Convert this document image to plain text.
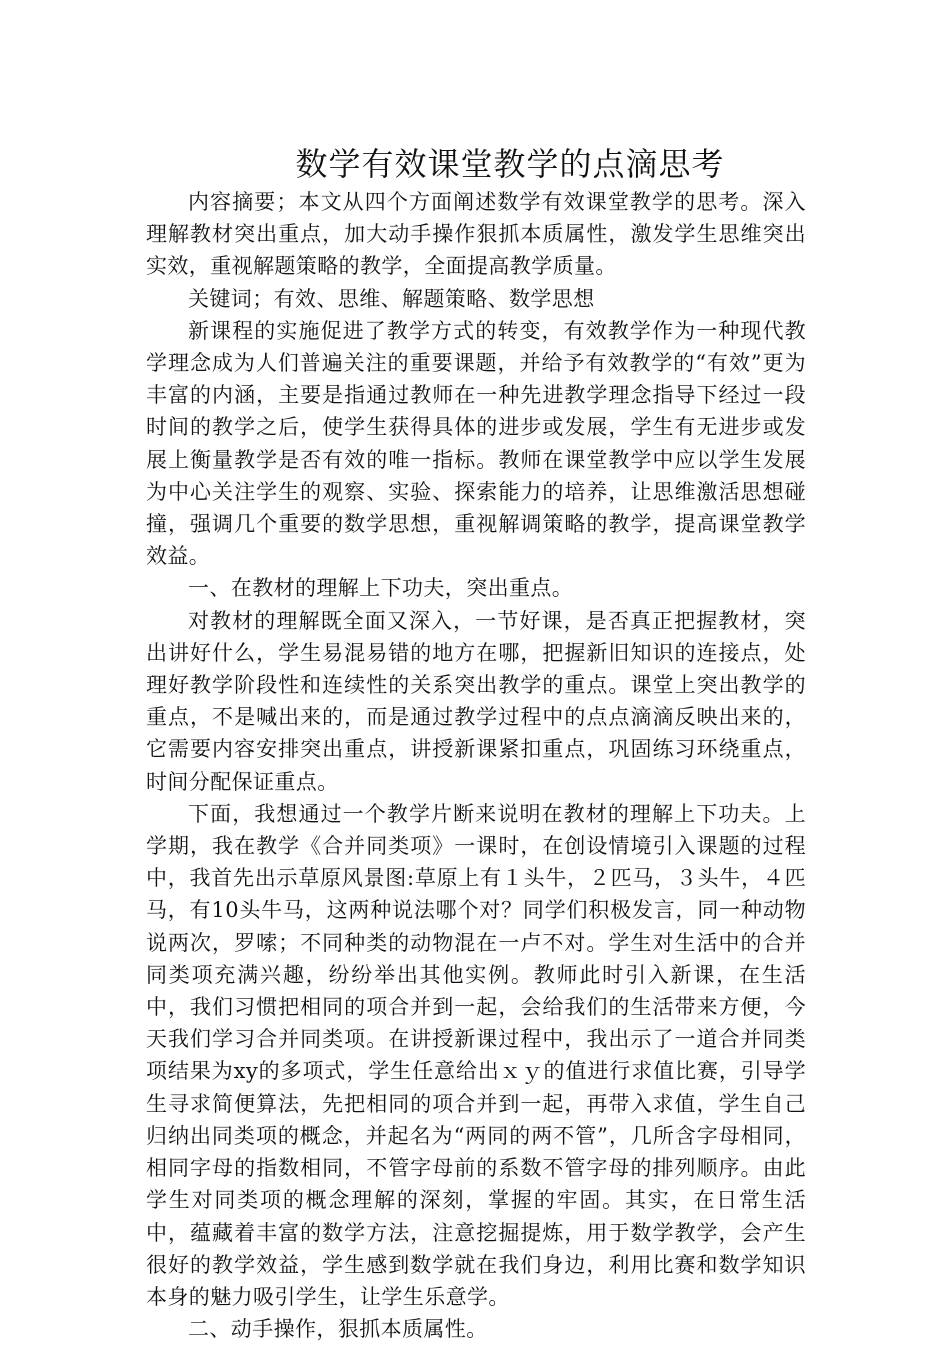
数学有效课堂教学的点滴思考

内容摘要；本文从四个方面阐述数学有效课堂教学的思考。深入理解教材突出重点，加大动手操作狠抓本质属性，激发学生思维突出实效，重视解题策略的教学，全面提高教学质量。

关键词；有效、思维、解题策略、数学思想

新课程的实施促进了教学方式的转变，有效教学作为一种现代教学理念成为人们普遍关注的重要课题，并给予有效教学的“有效”更为丰富的内涵，主要是指通过教师在一种先进教学理念指导下经过一段时间的教学之后，使学生获得具体的进步或发展，学生有无进步或发展上衡量教学是否有效的唯一指标。教师在课堂教学中应以学生发展为中心关注学生的观察、实验、探索能力的培养，让思维激活思想碰撞，强调几个重要的数学思想，重视解调策略的教学，提高课堂教学效益。

一、在教材的理解上下功夫，突出重点。

对教材的理解既全面又深入，一节好课，是否真正把握教材，突出讲好什么，学生易混易错的地方在哪，把握新旧知识的连接点，处理好教学阶段性和连续性的关系突出教学的重点。课堂上突出教学的重点，不是喊出来的，而是通过教学过程中的点点滴滴反映出来的，它需要内容安排突出重点，讲授新课紧扣重点，巩固练习环绕重点，时间分配保证重点。

下面，我想通过一个教学片断来说明在教材的理解上下功夫。上学期，我在教学《合并同类项》一课时，在创设情境引入课题的过程中，我首先出示草原风景图:草原上有１头牛，２匹马，３头牛，４匹马，有10头牛马，这两种说法哪个对？同学们积极发言，同一种动物说两次，罗嗦；不同种类的动物混在一卢不对。学生对生活中的合并同类项充满兴趣，纷纷举出其他实例。教师此时引入新课，在生活中，我们习惯把相同的项合并到一起，会给我们的生活带来方便，今天我们学习合并同类项。在讲授新课过程中，我出示了一道合并同类项结果为xy的多项式，学生任意给出ｘｙ的值进行求值比赛，引导学生寻求简便算法，先把相同的项合并到一起，再带入求值，学生自己归纳出同类项的概念，并起名为“两同的两不管”，几所含字母相同，相同字母的指数相同，不管字母前的系数不管字母的排列顺序。由此学生对同类项的概念理解的深刻，掌握的牢固。其实，在日常生活中，蕴藏着丰富的数学方法，注意挖掘提炼，用于数学教学，会产生很好的教学效益，学生感到数学就在我们身边，利用比赛和数学知识本身的魅力吸引学生，让学生乐意学。

二、动手操作，狠抓本质属性。
